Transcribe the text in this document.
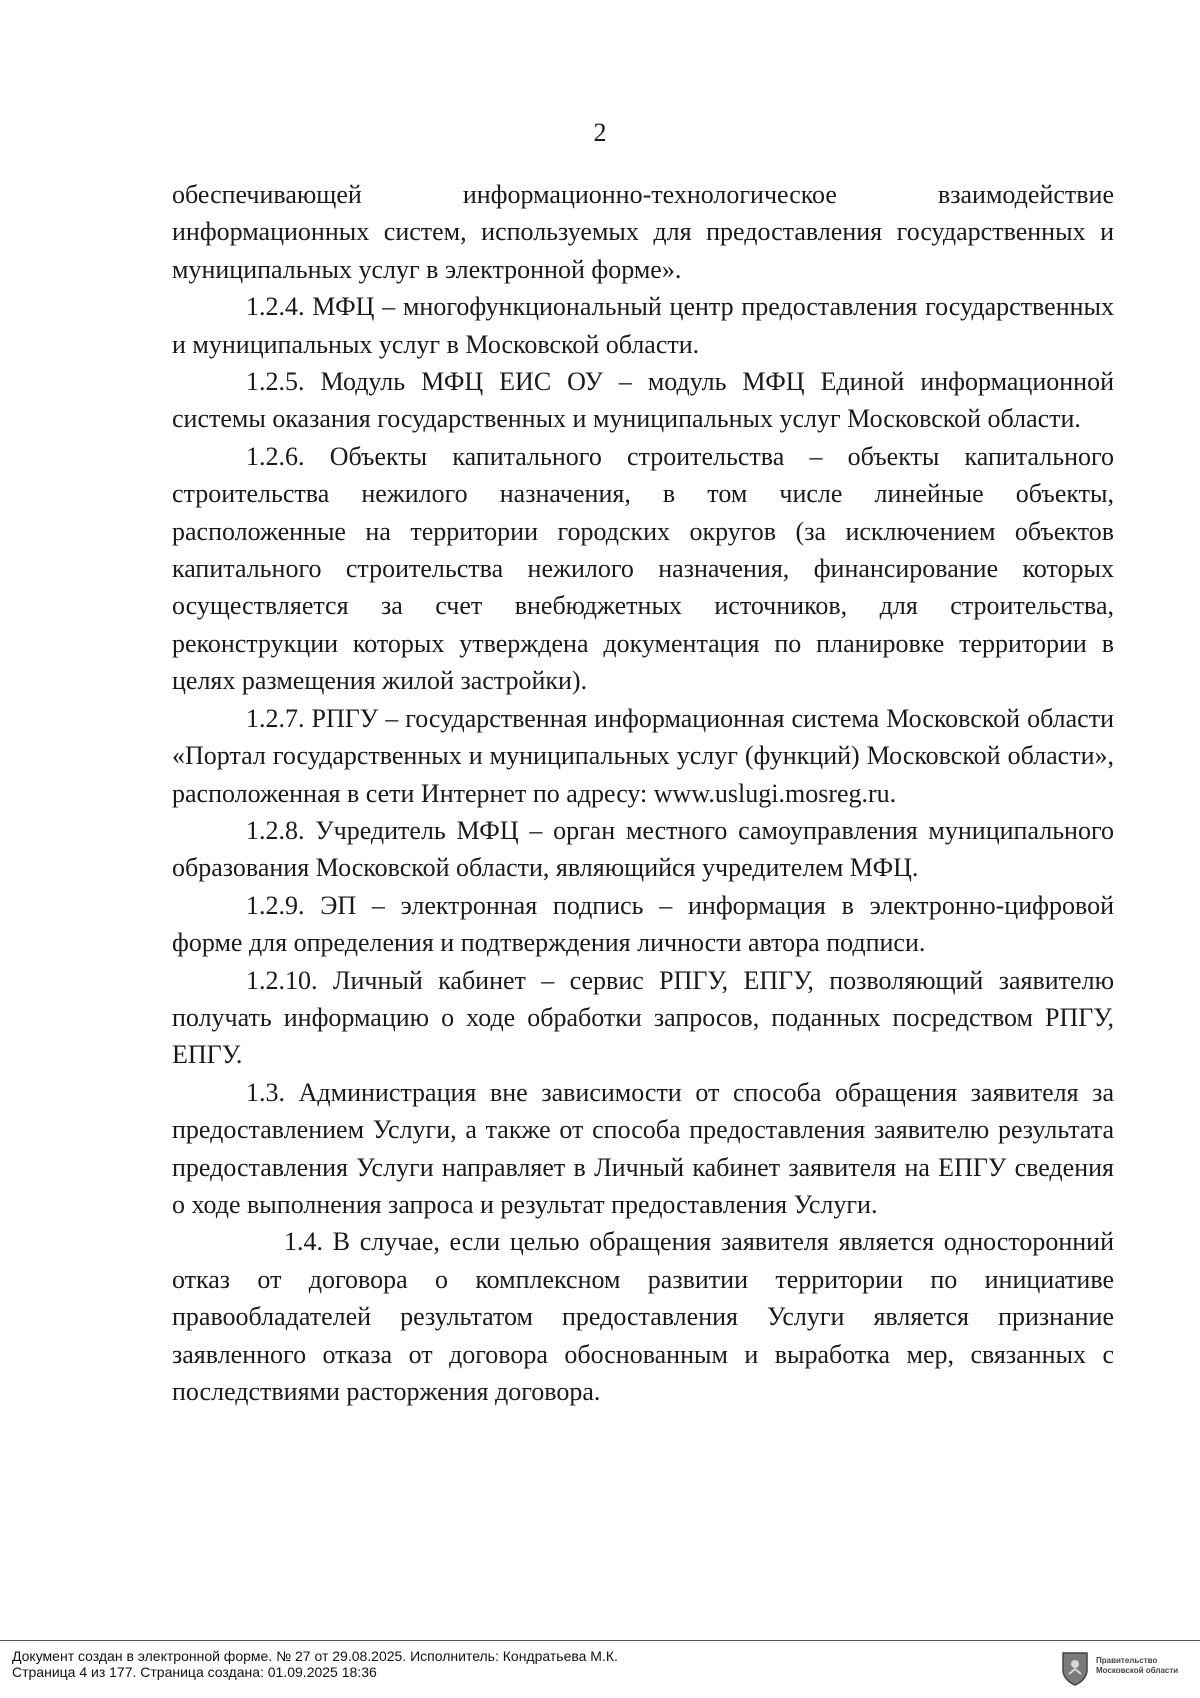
2

обеспечивающей информационно-технологическое взаимодействие информационных систем, используемых для предоставления государственных и муниципальных услуг в электронной форме».

1.2.4. МФЦ – многофункциональный центр предоставления государственных и муниципальных услуг в Московской области.

1.2.5. Модуль МФЦ ЕИС ОУ – модуль МФЦ Единой информационной системы оказания государственных и муниципальных услуг Московской области.

1.2.6. Объекты капитального строительства – объекты капитального строительства нежилого назначения, в том числе линейные объекты, расположенные на территории городских округов (за исключением объектов капитального строительства нежилого назначения, финансирование которых осуществляется за счет внебюджетных источников, для строительства, реконструкции которых утверждена документация по планировке территории в целях размещения жилой застройки).

1.2.7. РПГУ – государственная информационная система Московской области «Портал государственных и муниципальных услуг (функций) Московской области», расположенная в сети Интернет по адресу: www.uslugi.mosreg.ru.

1.2.8. Учредитель МФЦ – орган местного самоуправления муниципального образования Московской области, являющийся учредителем МФЦ.

1.2.9. ЭП – электронная подпись – информация в электронно-цифровой форме для определения и подтверждения личности автора подписи.

1.2.10. Личный кабинет – сервис РПГУ, ЕПГУ, позволяющий заявителю получать информацию о ходе обработки запросов, поданных посредством РПГУ, ЕПГУ.

1.3. Администрация вне зависимости от способа обращения заявителя за предоставлением Услуги, а также от способа предоставления заявителю результата предоставления Услуги направляет в Личный кабинет заявителя на ЕПГУ сведения о ходе выполнения запроса и результат предоставления Услуги.

1.4. В случае, если целью обращения заявителя является односторонний отказ от договора о комплексном развитии территории по инициативе правообладателей результатом предоставления Услуги является признание заявленного отказа от договора обоснованным и выработка мер, связанных с последствиями расторжения договора.

Документ создан в электронной форме. № 27 от 29.08.2025. Исполнитель: Кондратьева М.К.
Страница 4 из 177. Страница создана: 01.09.2025 18:36
Правительство
Московской области
